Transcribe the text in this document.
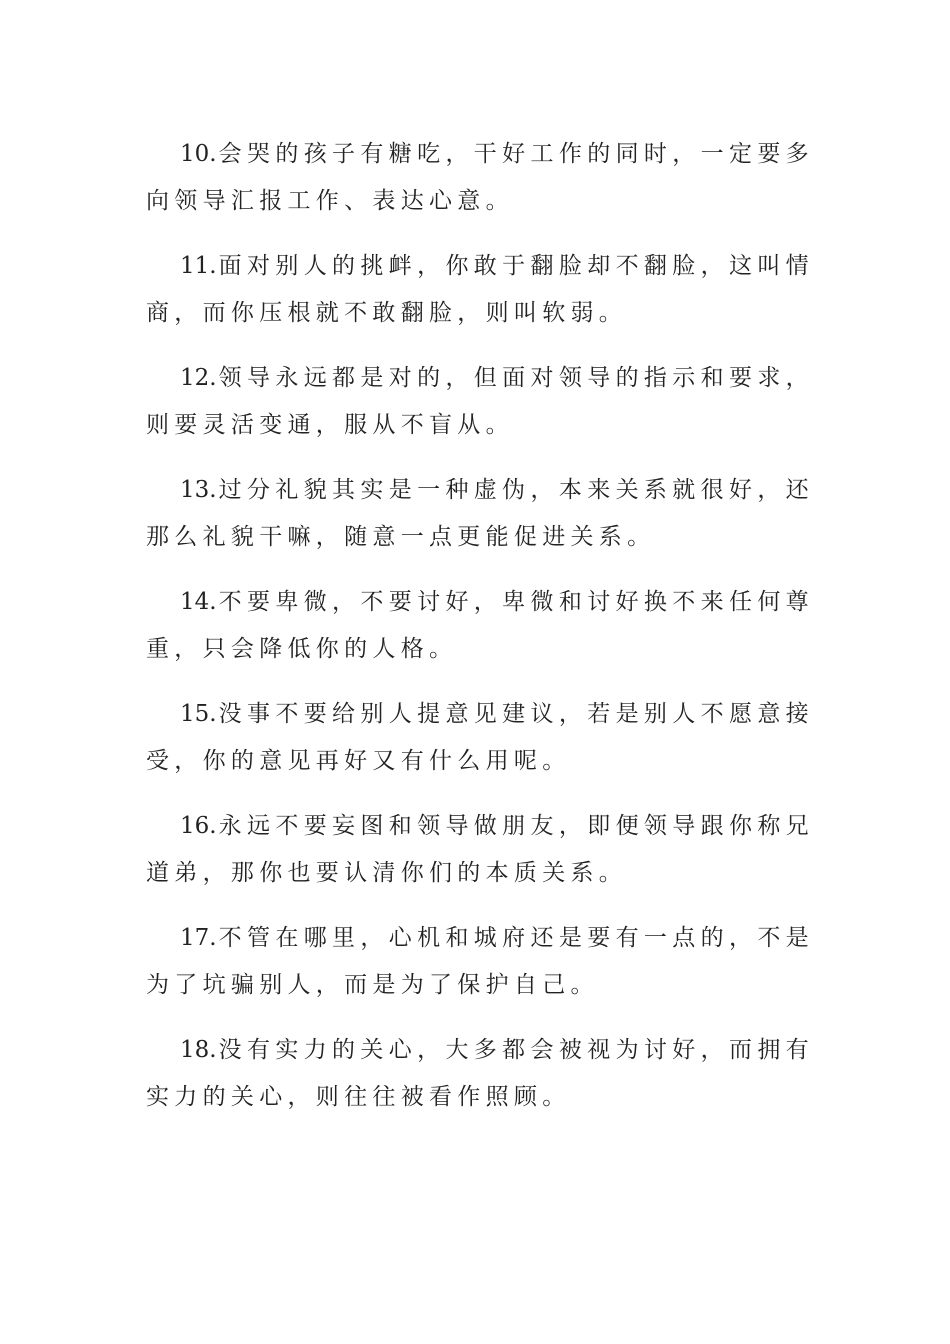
10.会哭的孩子有糖吃，干好工作的同时，一定要多向领导汇报工作、表达心意。

11.面对别人的挑衅，你敢于翻脸却不翻脸，这叫情商，而你压根就不敢翻脸，则叫软弱。

12.领导永远都是对的，但面对领导的指示和要求，则要灵活变通，服从不盲从。

13.过分礼貌其实是一种虚伪，本来关系就很好，还那么礼貌干嘛，随意一点更能促进关系。

14.不要卑微，不要讨好，卑微和讨好换不来任何尊重，只会降低你的人格。

15.没事不要给别人提意见建议，若是别人不愿意接受，你的意见再好又有什么用呢。

16.永远不要妄图和领导做朋友，即便领导跟你称兄道弟，那你也要认清你们的本质关系。

17.不管在哪里，心机和城府还是要有一点的，不是为了坑骗别人，而是为了保护自己。

18.没有实力的关心，大多都会被视为讨好，而拥有实力的关心，则往往被看作照顾。
